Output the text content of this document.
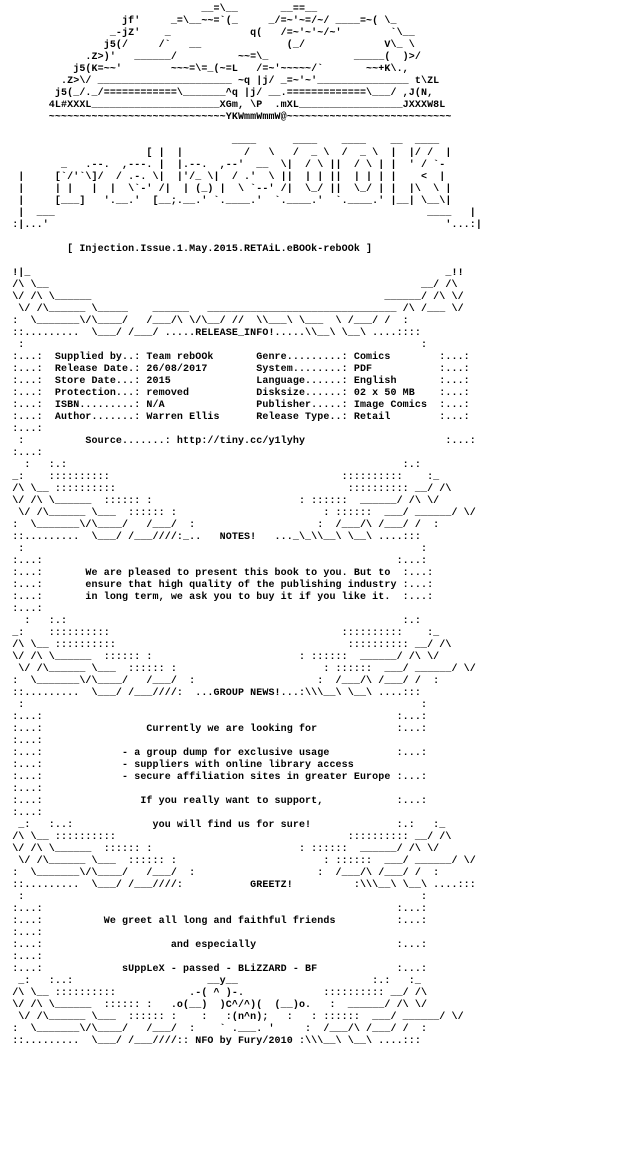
__=\__       __==__
jf'     _=\__~~=`(_     _/=~'~=/~/ ____=~( \_
_-jZ'    _             q(   /=~'~'~/~'        `\__
j5(/     /`   __              (_/             V\_ \
.Z>)'   ______/          ~~=\_              _____(  )>/
j5(K=~~'        ~~~=\=_(~=L   /=~'~~~~~/`       ~~+K\.,
.Z>\/ ______________________ ~q |j/ _=~'~'_______________ t\ZL
j5(_/._/============\_______^q |j/ __.=============\___/ ,J(N,
4L#XXXL_____________________XGm, \P  .mXL_________________JXXXW8L
~~~~~~~~~~~~~~~~~~~~~~~~~~~~~YKWmmWmmW@~~~~~~~~~~~~~~~~~~~~~~~~~~~

____      ____    ____    __  ____
[ |  |          /   \   /  _ \  /  _ \  |  |/ /  |
_   .--.  ,---. |  |.--.  ,--'  __  \|  / \ ||  / \ | |  ' / `-
|     [`/'`\]/  / .-. \|  |'/_ \|  / .'  \ ||  | | ||  | | | |    <  |
|     | |   |  |  \`-' /|  | (_) |  \ `--' /|  \_/ ||  \_/ | |  |\  \ |
|     [___]   '.__.'  [__;.__.' `.____.'  `.____.'  `.____.' |__| \__\|
|  ___                                                             ____   |
:|...'                                                                 '...:|

[ Injection.Issue.1.May.2015.RETAiL.eBOOk-rebOOk ]

!|_                                                                    _!!
/\ \__                                                             __/ /\
\/ /\ \______                                                ______/ /\ \/
\/ /\______ \_____    ______   _______________________________ /\ /___ \/
:  \_______\/\____/   /___/\ \/\__/ //  \\___\ \___  \ /___/ /  :
::.........  \___/ /___/ .....RELEASE_INFO!.....\\__\ \__\ ....::::
:                                                                 :
:...:  Supplied by..: Team rebOOk       Genre.........: Comics        :...:
:...:  Release Date.: 26/08/2017        System........: PDF           :...:
:...:  Store Date...: 2015              Language......: English       :...:
:...:  Protection...: removed           Disksize......: 02 x 50 MB    :...:
:...:  ISBN.........: N/A               Publisher.....: Image Comics  :...:
:...:  Author.......: Warren Ellis      Release Type..: Retail        :...:
:...:
:          Source.......: http://tiny.cc/y1lyhy                       :...:
:...:
:   :.:                                                       :.:
_:    ::::::::::                                      ::::::::::    :_
/\ \__ ::::::::::                                      :::::::::: __/ /\
\/ /\ \______  :::::: :                        : ::::::  ______/ /\ \/
\/ /\______ \___  :::::: :                        : ::::::  ___/ ______/ \/
:  \_______\/\____/   /___/  :                    :  /___/\ /___/ /  :
::.........  \___/ /___////:_..   NOTES!   ..._\_\\__\ \__\ ....:::
:                                                                 :
:...:                                                          :...:
:...:       We are pleased to present this book to you. But to  :...:
:...:       ensure that high quality of the publishing industry :...:
:...:       in long term, we ask you to buy it if you like it.  :...:
:...:
:   :.:                                                       :.:
_:    ::::::::::                                      ::::::::::    :_
/\ \__ ::::::::::                                      :::::::::: __/ /\
\/ /\ \______  :::::: :                        : ::::::  ______/ /\ \/
\/ /\______ \___  :::::: :                        : ::::::  ___/ ______/ \/
:  \_______\/\____/   /___/  :                    :  /___/\ /___/ /  :
::.........  \___/ /___////:  ...GROUP NEWS!...:\\\__\ \__\ ....:::
:                                                                 :
:...:                                                          :...:
:...:                 Currently we are looking for             :...:
:...:
:...:             - a group dump for exclusive usage           :...:
:...:             - suppliers with online library access
:...:             - secure affiliation sites in greater Europe :...:
:...:
:...:                If you really want to support,            :...:
:...:
_:   :..:             you will find us for sure!              :.:   :_
/\ \__ ::::::::::                                      :::::::::: __/ /\
\/ /\ \______  :::::: :                        : ::::::  ______/ /\ \/
\/ /\______ \___  :::::: :                        : ::::::  ___/ ______/ \/
:  \_______\/\____/   /___/  :                    :  /___/\ /___/ /  :
::.........  \___/ /___////:           GREETZ!          :\\\__\ \__\ ....:::
:                                                                 :
:...:                                                          :...:
:...:          We greet all long and faithful friends          :...:
:...:
:...:                     and especially                       :...:
:...:
:...:             sUppLeX - passed - BLiZZARD - BF             :...:
_:   :..:                      __y__                      :.:   :_
/\ \__ ::::::::::            .-( ^ )-.             :::::::::: __/ /\
\/ /\ \______  :::::: :   .o(__)  )C^/^)(  (__)o.   :  ______/ /\ \/
\/ /\______ \___  :::::: :    :   :(n^n);   :   : ::::::  ___/ ______/ \/
:  \_______\/\____/   /___/  :    ` .___. '     :  /___/\ /___/ /  :
::.........  \___/ /___////:: NFO by Fury/2010 :\\\__\ \__\ ....:::
